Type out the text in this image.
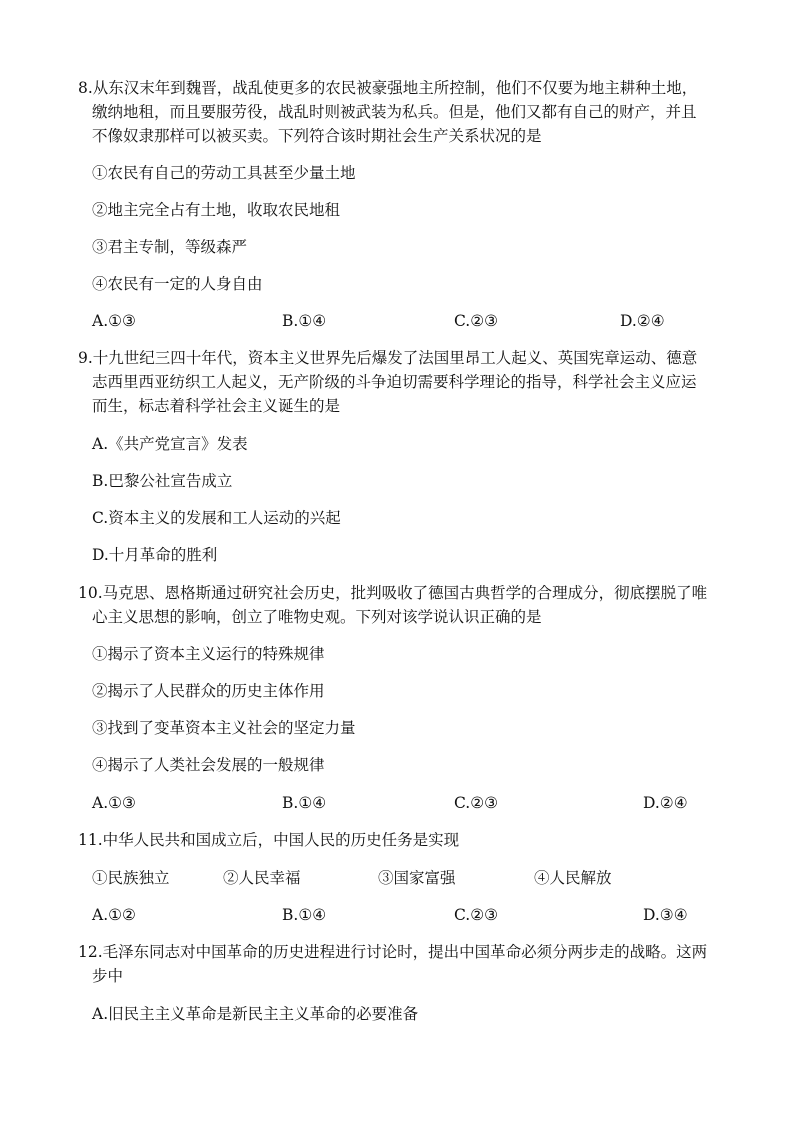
8.从东汉末年到魏晋，战乱使更多的农民被豪强地主所控制，他们不仅要为地主耕种土地，
缴纳地租，而且要服劳役，战乱时则被武装为私兵。但是，他们又都有自己的财产，并且
不像奴隶那样可以被买卖。下列符合该时期社会生产关系状况的是
①农民有自己的劳动工具甚至少量土地
②地主完全占有土地，收取农民地租
③君主专制，等级森严
④农民有一定的人身自由
A.①③	B.①④	C.②③	D.②④
9.十九世纪三四十年代，资本主义世界先后爆发了法国里昂工人起义、英国宪章运动、德意
志西里西亚纺织工人起义，无产阶级的斗争迫切需要科学理论的指导，科学社会主义应运
而生，标志着科学社会主义诞生的是
A.《共产党宣言》发表
B.巴黎公社宣告成立
C.资本主义的发展和工人运动的兴起
D.十月革命的胜利
10.马克思、恩格斯通过研究社会历史，批判吸收了德国古典哲学的合理成分，彻底摆脱了唯
心主义思想的影响，创立了唯物史观。下列对该学说认识正确的是
①揭示了资本主义运行的特殊规律
②揭示了人民群众的历史主体作用
③找到了变革资本主义社会的坚定力量
④揭示了人类社会发展的一般规律
A.①③	B.①④	C.②③	D.②④
11.中华人民共和国成立后，中国人民的历史任务是实现
①民族独立	②人民幸福	③国家富强	④人民解放
A.①②	B.①④	C.②③	D.③④
12.毛泽东同志对中国革命的历史进程进行讨论时，提出中国革命必须分两步走的战略。这两
步中
A.旧民主主义革命是新民主主义革命的必要准备
